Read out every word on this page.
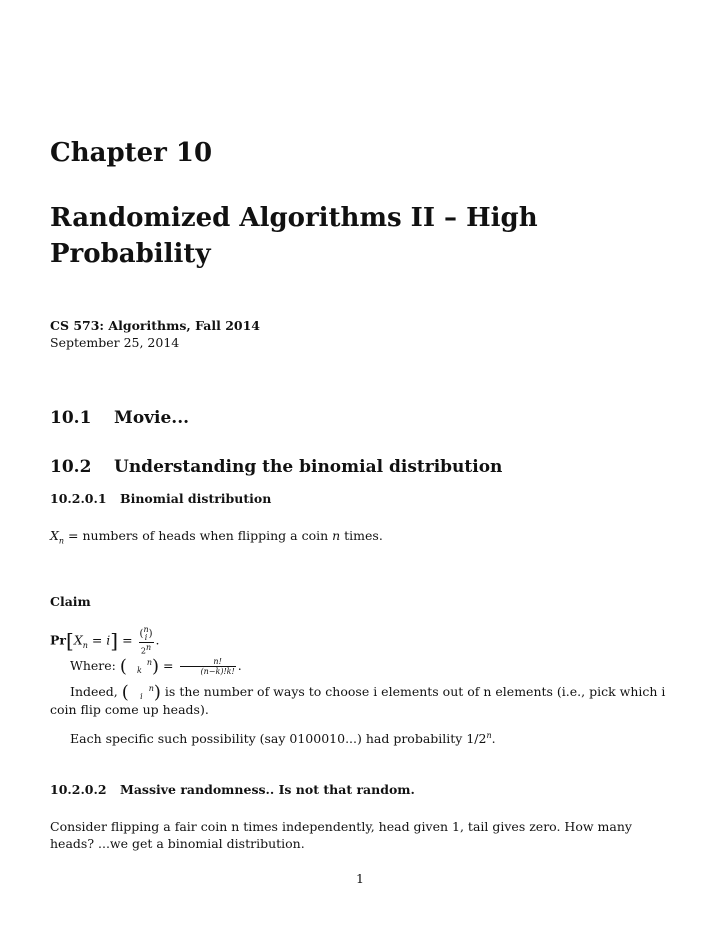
Chapter 10
Randomized Algorithms II – High Probability
CS 573: Algorithms, Fall 2014
September 25, 2014
10.1 Movie...
10.2 Understanding the binomial distribution
10.2.0.1 Binomial distribution
$X_n$ = numbers of heads when flipping a coin n times.
Claim
$Pr[X_n = i] = (n$
i)
2$^n$
.
Where: (	n
k ) = $\frac{n!}{(n-k)!k!}$ .
Indeed, (	n
i ) is the number of ways to choose i elements out of n elements (i.e., pick which i coin flip come up heads).
Each specific such possibility (say 0100010...) had probability 1/2$^n$.
10.2.0.2 Massive randomness.. Is not that random.
Consider flipping a fair coin n times independently, head given 1, tail gives zero. How many heads? ...we get a binomial distribution.
1
